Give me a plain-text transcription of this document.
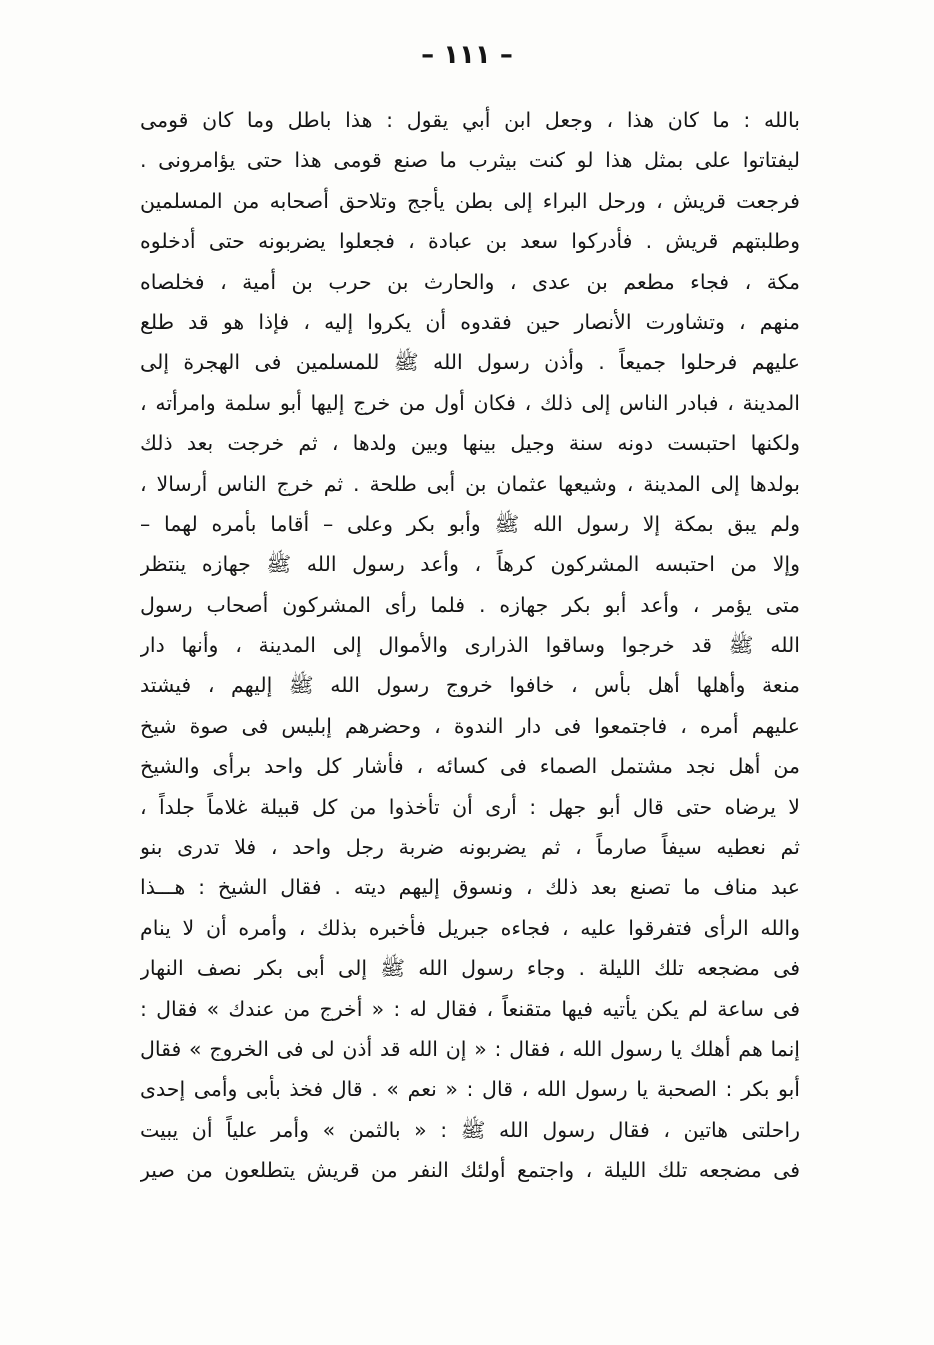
– ١١١ –
بالله : ما كان هذا ، وجعل ابن أبي يقول : هذا باطل وما كان قومى
ليفتاتوا على بمثل هذا لو كنت بيثرب ما صنع قومى هذا حتى يؤامرونى .
فرجعت قريش ، ورحل البراء إلى بطن يأجج وتلاحق أصحابه من المسلمين
وطلبتهم قريش . فأدركوا سعد بن عبادة ، فجعلوا يضربونه حتى أدخلوه
مكة ، فجاء مطعم بن عدى ، والحارث بن حرب بن أمية ، فخلصاه
منهم ، وتشاورت الأنصار حين فقدوه أن يكروا إليه ، فإذا هو قد طلع
عليهم فرحلوا جميعاً . وأذن رسول الله ﷺ للمسلمين فى الهجرة إلى
المدينة ، فبادر الناس إلى ذلك ، فكان أول من خرج إليها أبو سلمة وامرأته ،
ولكنها احتبست دونه سنة وجيل بينها وبين ولدها ، ثم خرجت بعد ذلك
بولدها إلى المدينة ، وشيعها عثمان بن أبى طلحة . ثم خرج الناس أرسالا ،
ولم يبق بمكة إلا رسول الله ﷺ وأبو بكر وعلى – أقاما بأمره لهما –
وإلا من احتبسه المشركون كرهاً ، وأعد رسول الله ﷺ جهازه ينتظر
متى يؤمر ، وأعد أبو بكر جهازه . فلما رأى المشركون أصحاب رسول
الله ﷺ قد خرجوا وساقوا الذرارى والأموال إلى المدينة ، وأنها دار
منعة وأهلها أهل بأس ، خافوا خروج رسول الله ﷺ إليهم ، فيشتد
عليهم أمره ، فاجتمعوا فى دار الندوة ، وحضرهم إبليس فى صوة شيخ
من أهل نجد مشتمل الصماء فى كسائه ، فأشار كل واحد برأى والشيخ
لا يرضاه حتى قال أبو جهل : أرى أن تأخذوا من كل قبيلة غلاماً جلداً ،
ثم نعطيه سيفاً صارماً ، ثم يضربونه ضربة رجل واحد ، فلا تدرى بنو
عبد مناف ما تصنع بعد ذلك ، ونسوق إليهم ديته . فقال الشيخ : هـــذا
والله الرأى فتفرقوا عليه ، فجاءه جبريل فأخبره بذلك ، وأمره أن لا ينام
فى مضجعه تلك الليلة . وجاء رسول الله ﷺ إلى أبى بكر نصف النهار
فى ساعة لم يكن يأتيه فيها متقنعاً ، فقال له : « أخرج من عندك » فقال :
إنما هم أهلك يا رسول الله ، فقال : « إن الله قد أذن لى فى الخروج » فقال
أبو بكر : الصحبة يا رسول الله ، قال : « نعم » . قال فخذ بأبى وأمى إحدى
راحلتى هاتين ، فقال رسول الله ﷺ : « بالثمن » وأمر علياً أن يبيت
فى مضجعه تلك الليلة ، واجتمع أولئك النفر من قريش يتطلعون من صير
